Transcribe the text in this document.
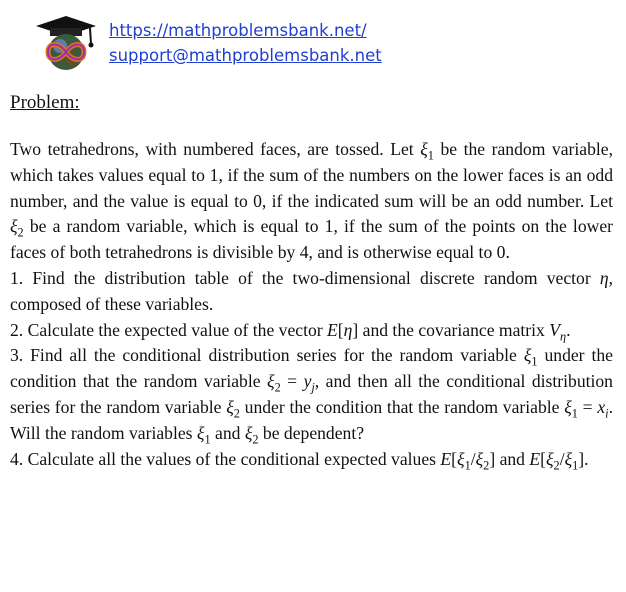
https://mathproblemsbank.net/
support@mathproblemsbank.net
Problem:

Two tetrahedrons, with numbered faces, are tossed. Let $\xi_1$ be the random variable, which takes values equal to 1, if the sum of the numbers on the lower faces is an odd number, and the value is equal to 0, if the indicated sum will be an odd number. Let $\xi_2$ be a random variable, which is equal to 1, if the sum of the points on the lower faces of both tetrahedrons is divisible by 4, and is otherwise equal to 0.

1. Find the distribution table of the two-dimensional discrete random vector η, composed of these variables.

2. Calculate the expected value of the vector E[η] and the covariance matrix $V_\eta$.

3. Find all the conditional distribution series for the random variable $\xi_1$ under the condition that the random variable $\xi_2 = y_j$, and then all the conditional distribution series for the random variable $\xi_2$ under the condition that the random variable $\xi_1 = x_i$. Will the random variables $\xi_1$ and $\xi_2$ be dependent?

4. Calculate all the values of the conditional expected values $E[\xi_1/\xi_2]$ and $E[\xi_2/\xi_1]$.
